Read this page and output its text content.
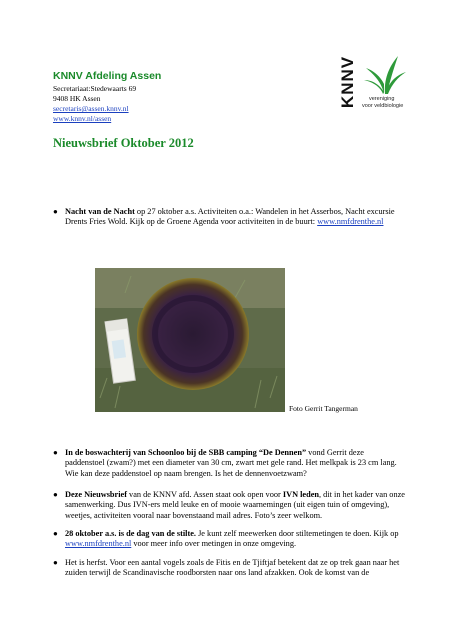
KNNV Afdeling Assen
Secretariaat:Stedewaarts 69
9408 HK Assen
secretaris@assen.knnv.nl
www.knnv.nl/assen
KNNV vereniging
voor veldbiologie
Nieuwsbrief Oktober 2012
● Nacht van de Nacht op 27 oktober a.s. Activiteiten o.a.: Wandelen in het Asserbos, Nacht excursie Drents Fries Wold. Kijk op de Groene Agenda voor activiteiten in de buurt: www.nmfdrenthe.nl
● In de boswachterij van Schoonloo bij de SBB camping “De Dennen” vond Gerrit deze paddenstoel (zwam?) met een diameter van 30 cm, zwart met gele rand. Het melkpak is 23 cm lang. Wie kan deze paddenstoel op naam brengen. Is het de dennenvoetzwam?
● Deze Nieuwsbrief van de KNNV afd. Assen staat ook open voor IVN leden, dit in het kader van onze samenwerking. Dus IVN-ers meld leuke en of mooie waarnemingen (uit eigen tuin of omgeving), weetjes, activiteiten vooral naar bovenstaand mail adres. Foto’s zeer welkom.
● 28 oktober a.s. is de dag van de stilte. Je kunt zelf meewerken door stiltemetingen te doen. Kijk op www.nmfdrenthe.nl voor meer info over metingen in onze omgeving.
● Het is herfst. Voor een aantal vogels zoals de Fitis en de Tjiftjaf betekent dat ze op trek gaan naar het zuiden terwijl de Scandinavische roodborsten naar ons land afzakken. Ook de komst van de
Foto Gerrit Tangerman
